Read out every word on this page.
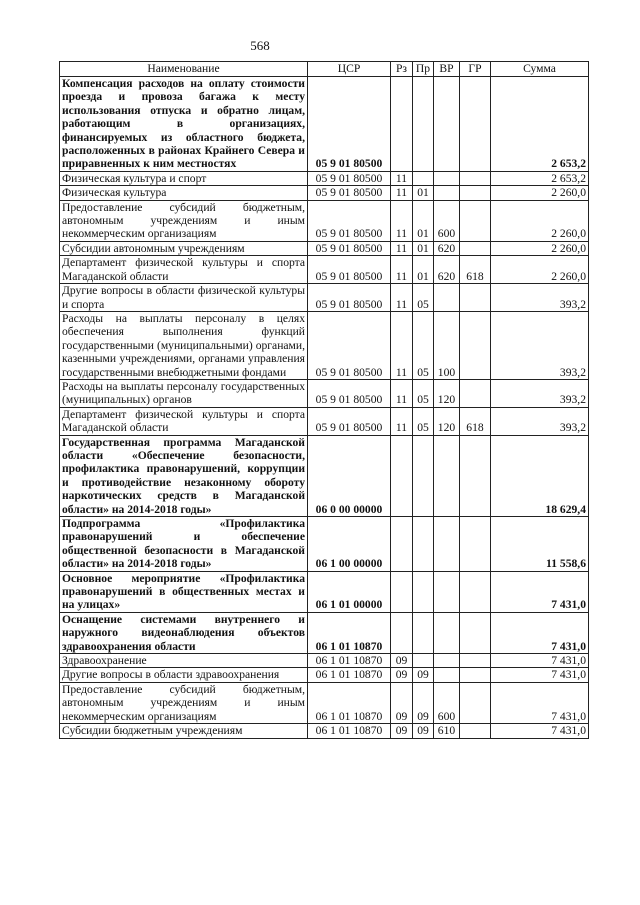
568
Наименование	ЦСР	Рз	Пр	ВР	ГР	Сумма
Компенсация расходов на оплату стоимости проезда и провоза багажа к месту использования отпуска и обратно лицам, работающим в организациях, финансируемых из областного бюджета, расположенных в районах Крайнего Севера и приравненных к ним местностях	05 9 01 80500					2 653,2
Физическая культура и спорт	05 9 01 80500	11				2 653,2
Физическая культура	05 9 01 80500	11	01			2 260,0
Предоставление субсидий бюджетным, автономным учреждениям и иным некоммерческим организациям	05 9 01 80500	11	01	600		2 260,0
Субсидии автономным учреждениям	05 9 01 80500	11	01	620		2 260,0
Департамент физической культуры и спорта Магаданской области	05 9 01 80500	11	01	620	618	2 260,0
Другие вопросы в области физической культуры и спорта	05 9 01 80500	11	05			393,2
Расходы на выплаты персоналу в целях обеспечения выполнения функций государственными (муниципальными) органами, казенными учреждениями, органами управления государственными внебюджетными фондами	05 9 01 80500	11	05	100		393,2
Расходы на выплаты персоналу государственных (муниципальных) органов	05 9 01 80500	11	05	120		393,2
Департамент физической культуры и спорта Магаданской области	05 9 01 80500	11	05	120	618	393,2
Государственная программа Магаданской области «Обеспечение безопасности, профилактика правонарушений, коррупции и противодействие незаконному обороту наркотических средств в Магаданской области» на 2014-2018 годы»	06 0 00 00000					18 629,4
Подпрограмма «Профилактика правонарушений и обеспечение общественной безопасности в Магаданской области» на 2014-2018 годы»	06 1 00 00000					11 558,6
Основное мероприятие «Профилактика правонарушений в общественных местах и на улицах»	06 1 01 00000					7 431,0
Оснащение системами внутреннего и наружного видеонаблюдения объектов здравоохранения области	06 1 01 10870					7 431,0
Здравоохранение	06 1 01 10870	09				7 431,0
Другие вопросы в области здравоохранения	06 1 01 10870	09	09			7 431,0
Предоставление субсидий бюджетным, автономным учреждениям и иным некоммерческим организациям	06 1 01 10870	09	09	600		7 431,0
Субсидии бюджетным учреждениям	06 1 01 10870	09	09	610		7 431,0
